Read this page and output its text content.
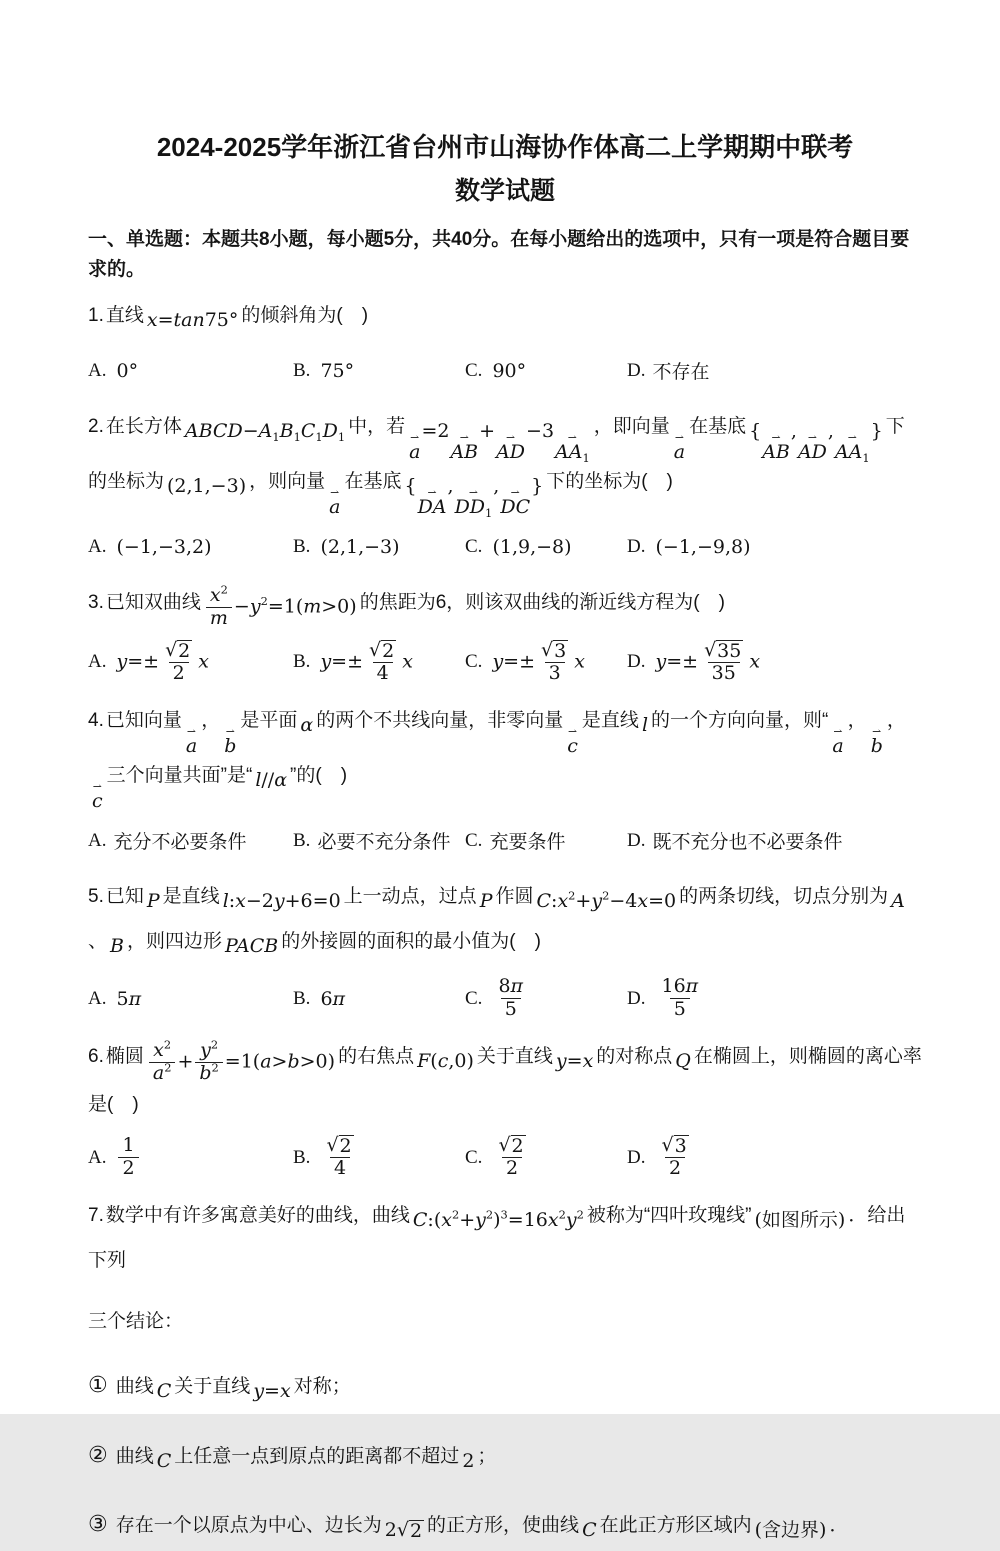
2024-2025学年浙江省台州市山海协作体高二上学期期中联考
数学试题

一、单选题：本题共8小题，每小题5分，共40分。在每小题给出的选项中，只有一项是符合题目要求的。

1. 直线 x=tan75° 的倾斜角为(　)

A. 0°	B. 75°	C. 90°	D. 不存在

2. 在长方体 $ABCD-A_1B_1C_1D_1$ 中，若
⇀
a
=2 ⇀
AB
+ ⇀
AD
−3 ⇀
$AA_1$
，即向量
⇀
a
在基底 { ⇀
AB
, ⇀
AD
, ⇀
$AA_1$
} 下的坐标为 (2,1,−3) ，则向量
⇀
a
在基底 { ⇀
DA
, ⇀
$DD_1$
, ⇀
DC
} 下的坐标为(　)

A. (−1,−3,2)	B. (2,1,−3)	C. (1,9,−8)	D. (−1,−9,8)

3. 已知双曲线 $\frac{x^2}{m} -y^2=1(m>0)$ 的焦距为6，则该双曲线的渐近线方程为(　)

A. $y=\pm \frac{√ 2}{2}$ x	B. $y=\pm \frac{√ 2}{4}$ x	C. $y=\pm \frac{√ 3}{3}$ x D. $y=\pm \frac{√ 35}{35}$ x

4. 已知向量
⇀
a
，
⇀
b
是平面 α 的两个不共线向量，非零向量
⇀
c
是直线 l 的一个方向向量，则“
⇀
a
，
⇀
b
，
⇀
c
三个向量共面”是“ l//α ”的(　)

A. 充分不必要条件 B. 必要不充分条件 C. 充要条件	D. 既不充分也不必要条件

5. 已知 P 是直线 l:x−2y+6=0 上一动点，过点 P 作圆 $C:x^2+y^2-4x=0$ 的两条切线，切点分别为 A、 B ，则四边形 PACB 的外接圆的面积的最小值为(　)

A. 5π	B. 6π	C. $\frac{8\pi}{5}$	D. $\frac{16\pi}{5}$

6. 椭圆 $\frac{x^2}{a^2} + \frac{y^2}{b^2} =1(a>b>0)$ 的右焦点 F(c,0) 关于直线 y=x 的对称点 Q 在椭圆上，则椭圆的离心率是(　)

A. $\frac{1}{2}$	B. $\frac{√ 2}{4}$	C. $\frac{√ 2}{2}$	D. $\frac{√ 3}{2}$

7. 数学中有许多寓意美好的曲线，曲线 $C:(x^2+y^2)^3=16x^2y^2$ 被称为“四叶玫瑰线” (如图所示) ．给出下列

三个结论：

① 曲线 C 关于直线 y=x 对称；

② 曲线 C 上任意一点到原点的距离都不超过 2 ；

③ 存在一个以原点为中心、边长为 2 √ 2 的正方形，使曲线 C 在此正方形区域内 (含边界) ．
